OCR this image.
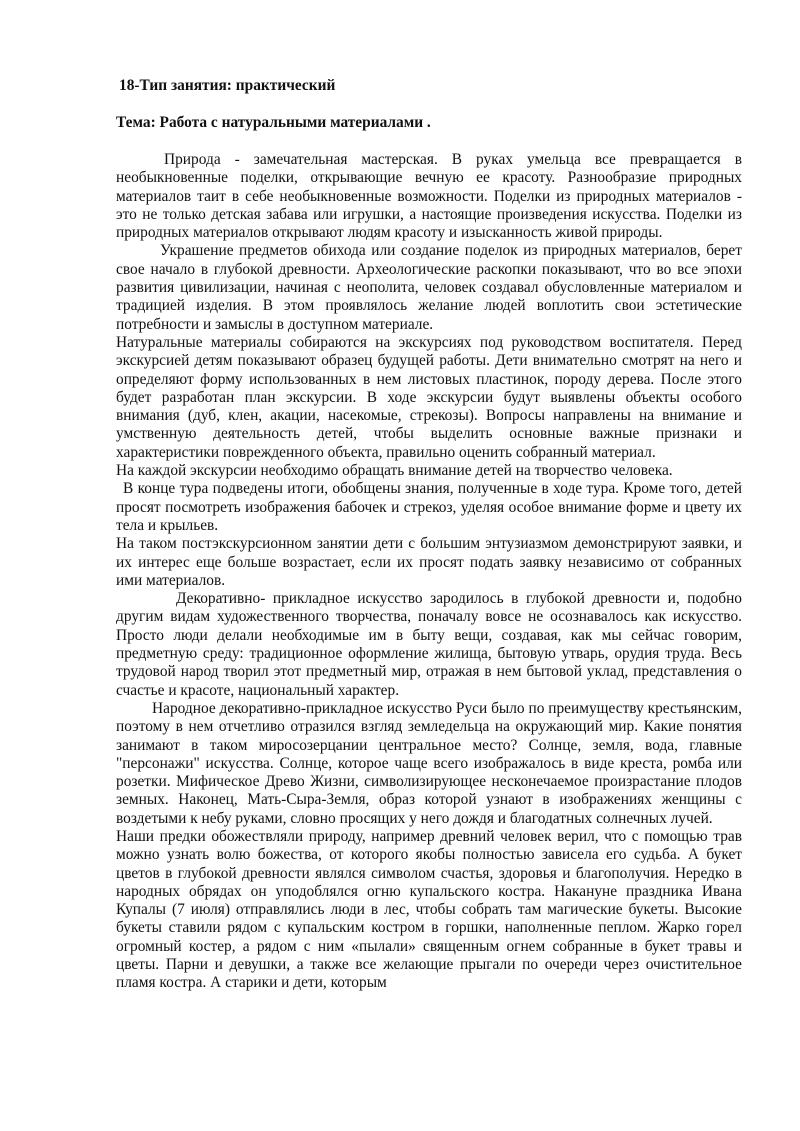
18-Тип занятия: практический

Тема: Работа с натуральными материалами .

Природа - замечательная мастерская. В руках умельца все превращается в необыкновенные поделки, открывающие вечную ее красоту. Разнообразие природных материалов таит в себе необыкновенные возможности. Поделки из природных материалов - это не только детская забава или игрушки, а настоящие произведения искусства. Поделки из природных материалов открывают людям красоту и изысканность живой природы.

Украшение предметов обихода или создание поделок из природных материалов, берет свое начало в глубокой древности. Археологические раскопки показывают, что во все эпохи развития цивилизации, начиная с неополита, человек создавал обусловленные материалом и традицией изделия. В этом проявлялось желание людей воплотить свои эстетические потребности и замыслы в доступном материале.

Натуральные материалы собираются на экскурсиях под руководством воспитателя. Перед экскурсией детям показывают образец будущей работы. Дети внимательно смотрят на него и определяют форму использованных в нем листовых пластинок, породу дерева. После этого будет разработан план экскурсии. В ходе экскурсии будут выявлены объекты особого внимания (дуб, клен, акации, насекомые, стрекозы). Вопросы направлены на внимание и умственную деятельность детей, чтобы выделить основные важные признаки и характеристики поврежденного объекта, правильно оценить собранный материал.

На каждой экскурсии необходимо обращать внимание детей на творчество человека.

В конце тура подведены итоги, обобщены знания, полученные в ходе тура. Кроме того, детей просят посмотреть изображения бабочек и стрекоз, уделяя особое внимание форме и цвету их тела и крыльев.

На таком постэкскурсионном занятии дети с большим энтузиазмом демонстрируют заявки, и их интерес еще больше возрастает, если их просят подать заявку независимо от собранных ими материалов.

Декоративно- прикладное искусство зародилось в глубокой древности и, подобно другим видам художественного творчества, поначалу вовсе не осознавалось как искусство. Просто люди делали необходимые им в быту вещи, создавая, как мы сейчас говорим, предметную среду: традиционное оформление жилища, бытовую утварь, орудия труда. Весь трудовой народ творил этот предметный мир, отражая в нем бытовой уклад, представления о счастье и красоте, национальный характер.

Народное декоративно-прикладное искусство Руси было по преимуществу крестьянским, поэтому в нем отчетливо отразился взгляд земледельца на окружающий мир. Какие понятия занимают в таком миросозерцании центральное место? Солнце, земля, вода, главные "персонажи" искусства. Солнце, которое чаще всего изображалось в виде креста, ромба или розетки. Мифическое Древо Жизни, символизирующее несконечаемое произрастание плодов земных. Наконец, Мать-Сыра-Земля, образ которой узнают в изображениях женщины с воздетыми к небу руками, словно просящих у него дождя и благодатных солнечных лучей.

Наши предки обожествляли природу, например древний человек верил, что с помощью трав можно узнать волю божества, от которого якобы полностью зависела его судьба. А букет цветов в глубокой древности являлся символом счастья, здоровья и благополучия. Нередко в народных обрядах он уподоблялся огню купальского костра. Накануне праздника Ивана Купалы (7 июля) отправлялись люди в лес, чтобы собрать там магические букеты. Высокие букеты ставили рядом с купальским костром в горшки, наполненные пеплом. Жарко горел огромный костер, а рядом с ним «пылали» священным огнем собранные в букет травы и цветы. Парни и девушки, а также все желающие прыгали по очереди через очистительное пламя костра. А старики и дети, которым
